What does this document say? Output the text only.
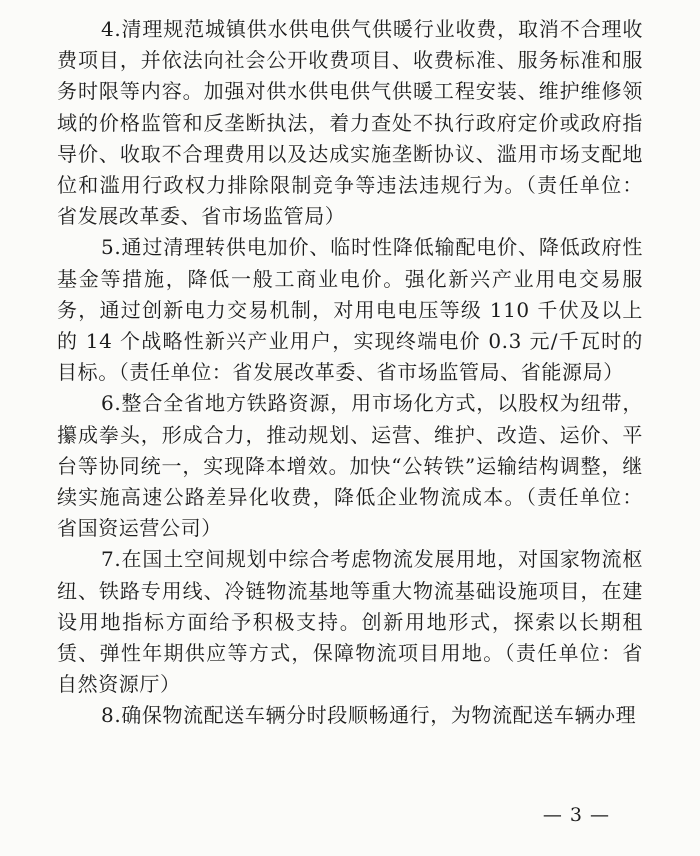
4.清理规范城镇供水供电供气供暖行业收费，取消不合理收费项目，并依法向社会公开收费项目、收费标准、服务标准和服务时限等内容。加强对供水供电供气供暖工程安装、维护维修领域的价格监管和反垄断执法，着力查处不执行政府定价或政府指导价、收取不合理费用以及达成实施垄断协议、滥用市场支配地位和滥用行政权力排除限制竞争等违法违规行为。（责任单位：省发展改革委、省市场监管局）

5.通过清理转供电加价、临时性降低输配电价、降低政府性基金等措施，降低一般工商业电价。强化新兴产业用电交易服务，通过创新电力交易机制，对用电电压等级 110 千伏及以上的 14 个战略性新兴产业用户，实现终端电价 0.3 元/千瓦时的目标。（责任单位：省发展改革委、省市场监管局、省能源局）

6.整合全省地方铁路资源，用市场化方式，以股权为纽带，攥成拳头，形成合力，推动规划、运营、维护、改造、运价、平台等协同统一，实现降本增效。加快“公转铁”运输结构调整，继续实施高速公路差异化收费，降低企业物流成本。（责任单位：省国资运营公司）

7.在国土空间规划中综合考虑物流发展用地，对国家物流枢纽、铁路专用线、冷链物流基地等重大物流基础设施项目，在建设用地指标方面给予积极支持。创新用地形式，探索以长期租赁、弹性年期供应等方式，保障物流项目用地。（责任单位：省自然资源厅）

8.确保物流配送车辆分时段顺畅通行，为物流配送车辆办理

— 3 —
